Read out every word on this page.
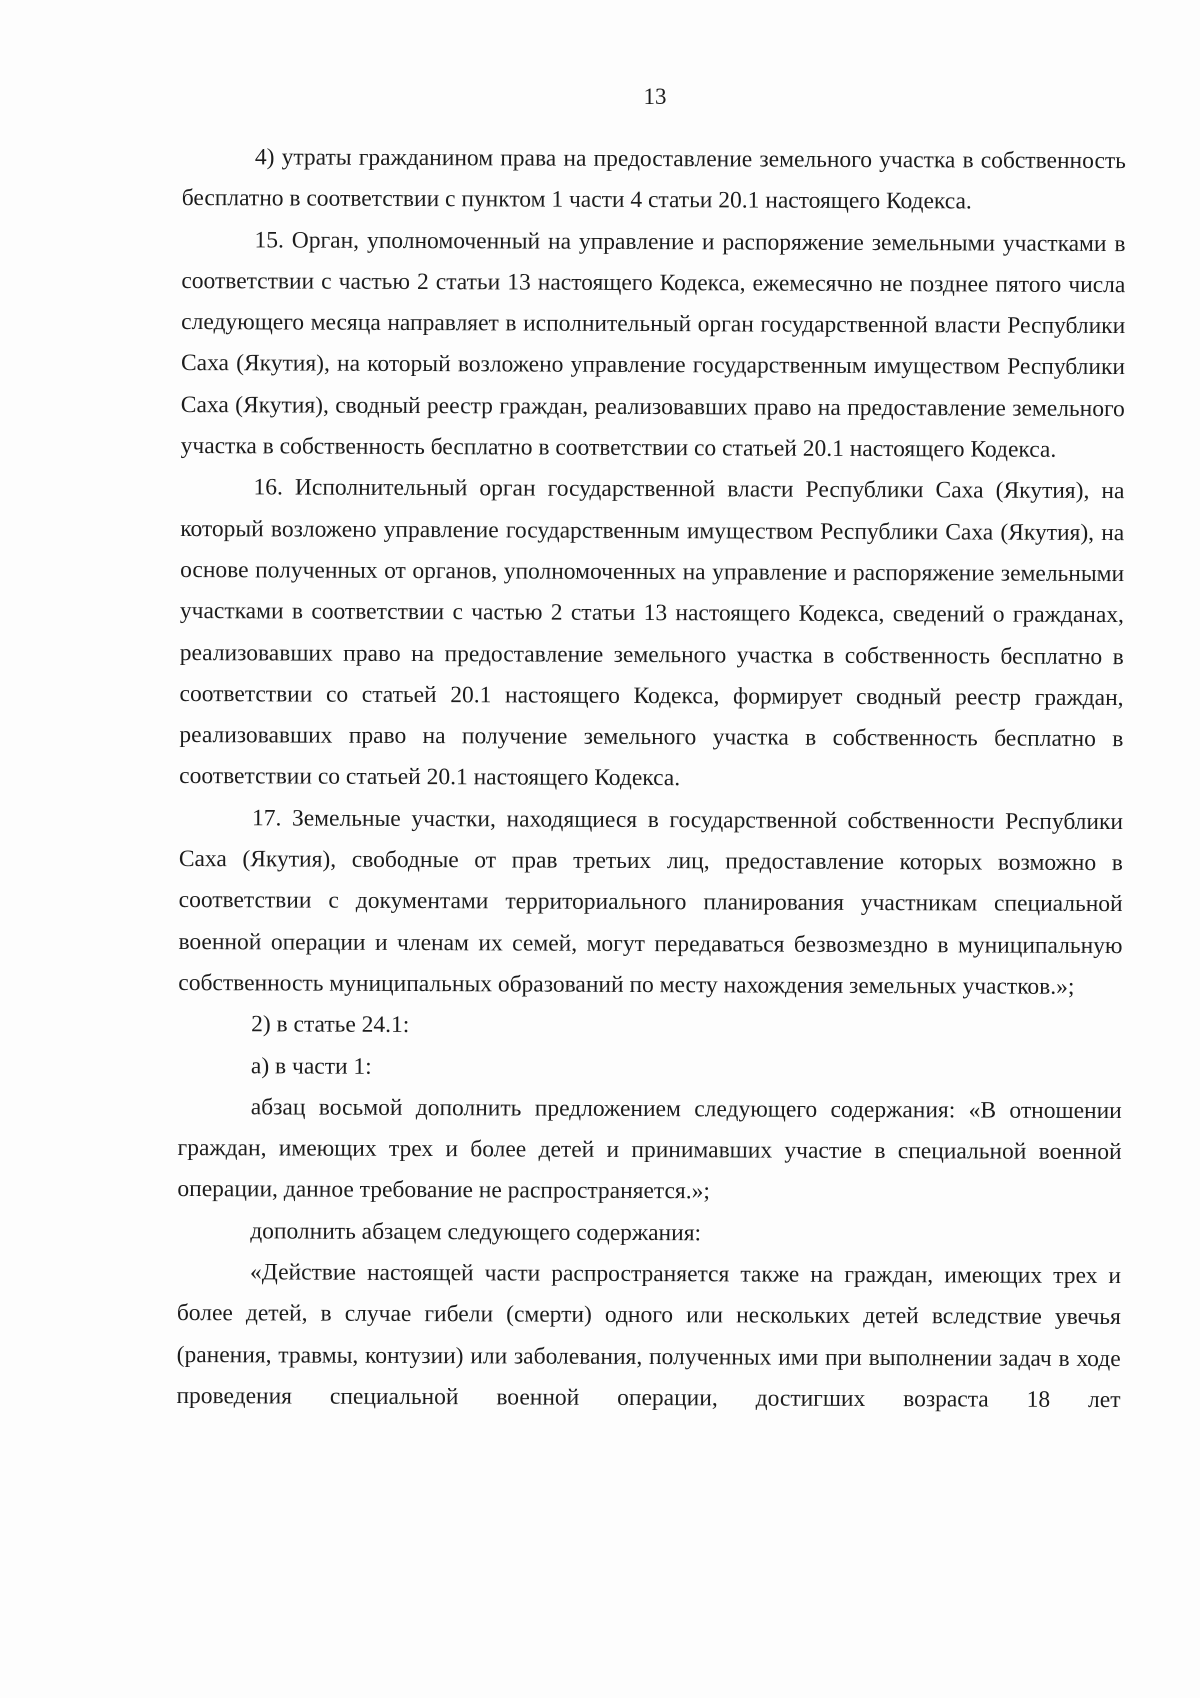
13

4) утраты гражданином права на предоставление земельного участка в собственность бесплатно в соответствии с пунктом 1 части 4 статьи 20.1 настоящего Кодекса.

15. Орган, уполномоченный на управление и распоряжение земельными участками в соответствии с частью 2 статьи 13 настоящего Кодекса, ежемесячно не позднее пятого числа следующего месяца направляет в исполнительный орган государственной власти Республики Саха (Якутия), на который возложено управление государственным имуществом Республики Саха (Якутия), сводный реестр граждан, реализовавших право на предоставление земельного участка в собственность бесплатно в соответствии со статьей 20.1 настоящего Кодекса.

16. Исполнительный орган государственной власти Республики Саха (Якутия), на который возложено управление государственным имуществом Республики Саха (Якутия), на основе полученных от органов, уполномоченных на управление и распоряжение земельными участками в соответствии с частью 2 статьи 13 настоящего Кодекса, сведений о гражданах, реализовавших право на предоставление земельного участка в собственность бесплатно в соответствии со статьей 20.1 настоящего Кодекса, формирует сводный реестр граждан, реализовавших право на получение земельного участка в собственность бесплатно в соответствии со статьей 20.1 настоящего Кодекса.

17. Земельные участки, находящиеся в государственной собственности Республики Саха (Якутия), свободные от прав третьих лиц, предоставление которых возможно в соответствии с документами территориального планирования участникам специальной военной операции и членам их семей, могут передаваться безвозмездно в муниципальную собственность муниципальных образований по месту нахождения земельных участков.»;

2) в статье 24.1:

а) в части 1:

абзац восьмой дополнить предложением следующего содержания: «В отношении граждан, имеющих трех и более детей и принимавших участие в специальной военной операции, данное требование не распространяется.»;

дополнить абзацем следующего содержания:

«Действие настоящей части распространяется также на граждан, имеющих трех и более детей, в случае гибели (смерти) одного или нескольких детей вследствие увечья (ранения, травмы, контузии) или заболевания, полученных ими при выполнении задач в ходе проведения специальной военной операции, достигших возраста 18 лет
